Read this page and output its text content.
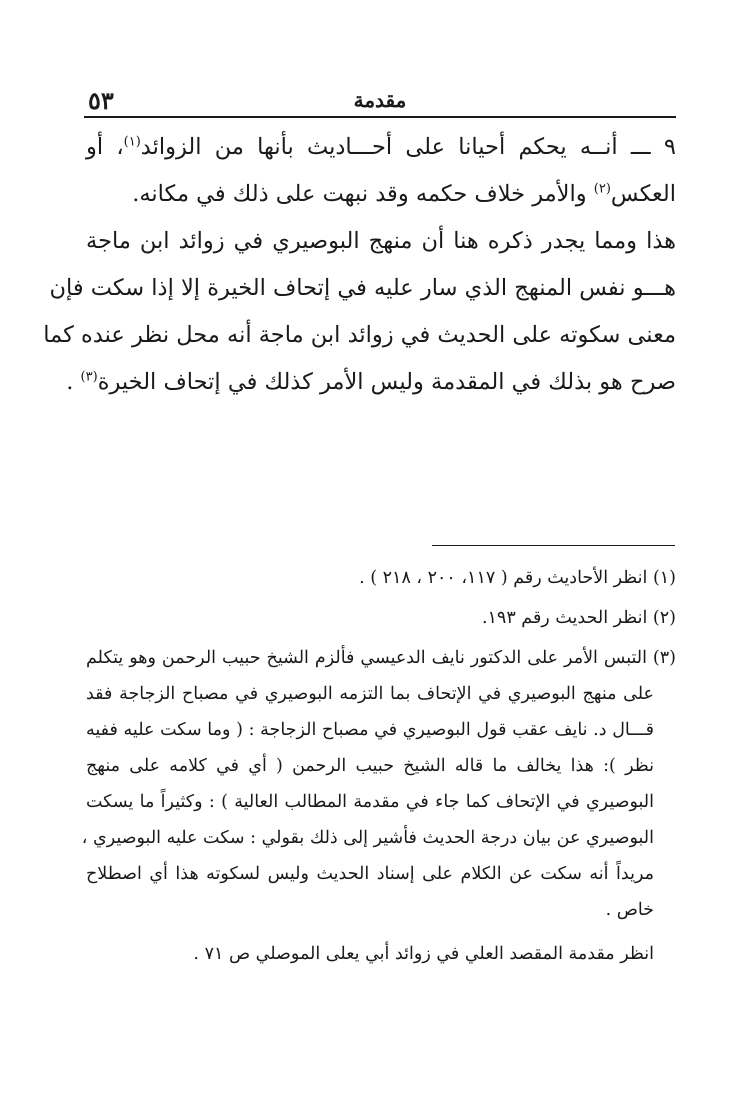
٥٣	مقدمة

٩ ـــ أنــه يحكم أحيانا على أحـــاديث بأنها من الزوائد$^{(١)}$، أو
العكس$^{(٢)}$ والأمر خلاف حكمه وقد نبهت على ذلك في مكانه.

هذا ومما يجدر ذكره هنا أن منهج البوصيري في زوائد ابن ماجة
هـــو نفس المنهج الذي سار عليه في إتحاف الخيرة إلا إذا سكت فإن
معنى سكوته على الحديث في زوائد ابن ماجة أنه محل نظر عنده كما
صرح هو بذلك في المقدمة وليس الأمر كذلك في إتحاف الخيرة$^{(٣)}$ .

(١) انظر الأحاديث رقم ( ١١٧، ٢٠٠ ، ٢١٨ ) .

(٢) انظر الحديث رقم ١٩٣.

(٣) التبس الأمر على الدكتور نايف الدعيسي فألزم الشيخ حبيب الرحمن وهو يتكلم
على منهج البوصيري في الإتحاف بما التزمه البوصيري في مصباح الزجاجة فقد
قـــال د. نايف عقب قول البوصيري في مصباح الزجاجة : ( وما سكت عليه ففيه
نظر ): هذا يخالف ما قاله الشيخ حبيب الرحمن ( أي في كلامه على منهج
البوصيري في الإتحاف كما جاء في مقدمة المطالب العالية ) : وكثيراً ما يسكت
البوصيري عن بيان درجة الحديث فأشير إلى ذلك بقولي : سكت عليه البوصيري ،
مريداً أنه سكت عن الكلام على إسناد الحديث وليس لسكوته هذا أي اصطلاح
خاص .

انظر مقدمة المقصد العلي في زوائد أبي يعلى الموصلي ص ٧١ .
